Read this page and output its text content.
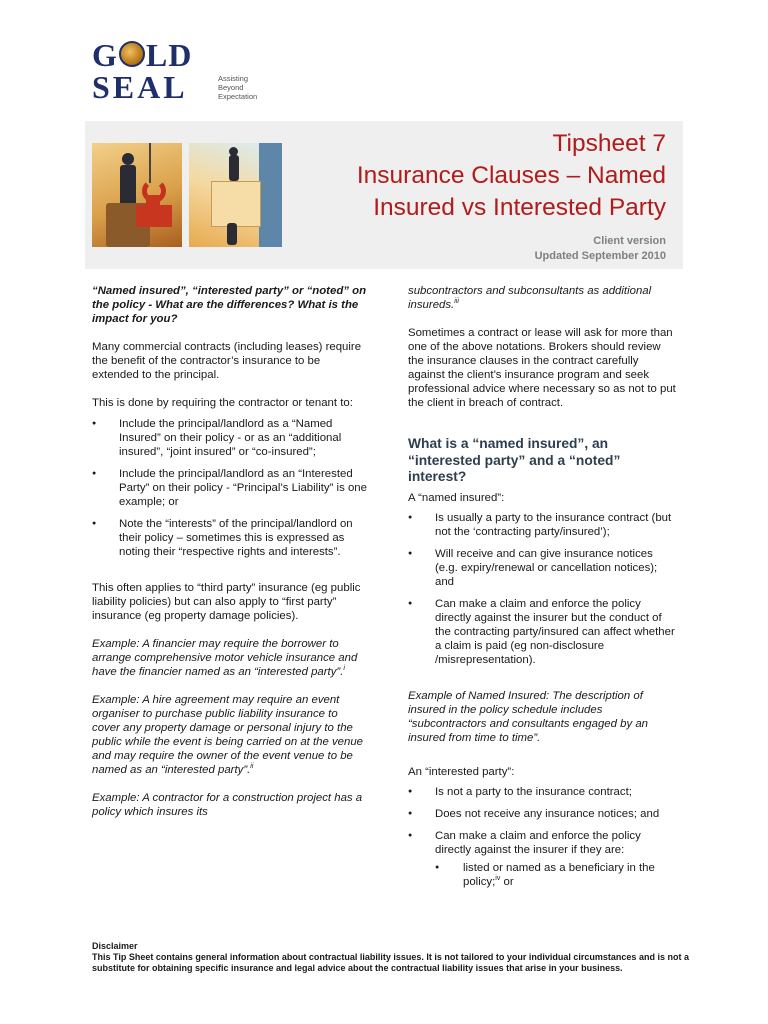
G LD
SEAL	Assisting
Beyond
Expectation
Tipsheet 7
Insurance Clauses – Named
Insured vs Interested Party
Client version
Updated September 2010

“Named insured”, “interested party” or “noted” on the policy - What are the differences? What is the impact for you?

Many commercial contracts (including leases) require the benefit of the contractor’s insurance to be extended to the principal.

This is done by requiring the contractor or tenant to:

● Include the principal/landlord as a “Named Insured” on their policy - or as an “additional insured”, “joint insured” or “co-insured”;
● Include the principal/landlord as an “Interested Party” on their policy - “Principal’s Liability” is one example; or
● Note the “interests” of the principal/landlord on their policy – sometimes this is expressed as noting their “respective rights and interests”.

This often applies to “third party” insurance (eg public liability policies) but can also apply to “first party” insurance (eg property damage policies).

Example: A financier may require the borrower to arrange comprehensive motor vehicle insurance and have the financier named as an “interested party”.$^i$

Example: A hire agreement may require an event organiser to purchase public liability insurance to cover any property damage or personal injury to the public while the event is being carried on at the venue and may require the owner of the event venue to be named as an “interested party”.$^{ii}$

Example: A contractor for a construction project has a policy which insures its

subcontractors and subconsultants as additional insureds.$^{iii}$

Sometimes a contract or lease will ask for more than one of the above notations. Brokers should review the insurance clauses in the contract carefully against the client’s insurance program and seek professional advice where necessary so as not to put the client in breach of contract.

What is a “named insured”, an “interested party” and a “noted” interest?

A “named insured”:

● Is usually a party to the insurance contract (but not the ‘contracting party/insured’);
● Will receive and can give insurance notices (e.g. expiry/renewal or cancellation notices); and
● Can make a claim and enforce the policy directly against the insurer but the conduct of the contracting party/insured can affect whether a claim is paid (eg non-disclosure /misrepresentation).

Example of Named Insured: The description of insured in the policy schedule includes “subcontractors and consultants engaged by an insured from time to time”.

An “interested party”:

● Is not a party to the insurance contract;
● Does not receive any insurance notices; and
● Can make a claim and enforce the policy directly against the insurer if they are:
● listed or named as a beneficiary in the policy;$^{iv}$ or
Disclaimer
This Tip Sheet contains general information about contractual liability issues. It is not tailored to your individual circumstances and is not a substitute for obtaining specific insurance and legal advice about the contractual liability issues that arise in your business.
